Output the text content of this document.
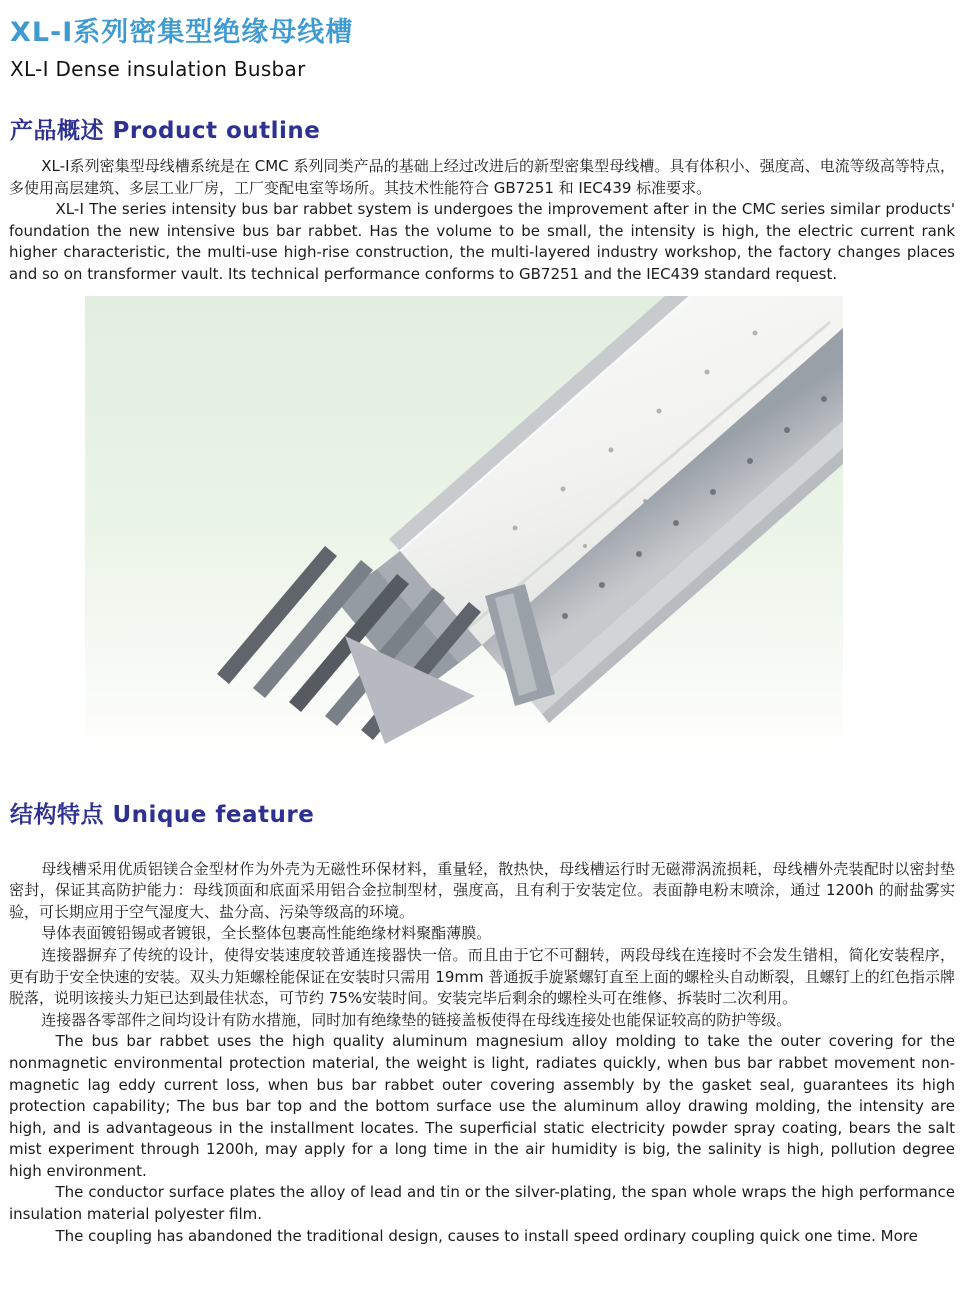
XL-Ⅰ系列密集型绝缘母线槽
XL-Ⅰ Dense insulation Busbar
产品概述 Product outline

XL-Ⅰ系列密集型母线槽系统是在 CMC 系列同类产品的基础上经过改进后的新型密集型母线槽。具有体积小、强度高、电流等级高等特点，多使用高层建筑、多层工业厂房，工厂变配电室等场所。其技术性能符合 GB7251 和 IEC439 标准要求。

XL-Ⅰ The series intensity bus bar rabbet system is undergoes the improvement after in the CMC series similar products' foundation the new intensive bus bar rabbet. Has the volume to be small, the intensity is high, the electric current rank higher characteristic, the multi-use high-rise construction, the multi-layered industry workshop, the factory changes places and so on transformer vault. Its technical performance conforms to GB7251 and the IEC439 standard request.

结构特点 Unique feature

母线槽采用优质铝镁合金型材作为外壳为无磁性环保材料，重量轻，散热快，母线槽运行时无磁滞涡流损耗，母线槽外壳装配时以密封垫密封，保证其高防护能力：母线顶面和底面采用铝合金拉制型材，强度高，且有利于安装定位。表面静电粉末喷涂，通过 1200h 的耐盐雾实验，可长期应用于空气湿度大、盐分高、污染等级高的环境。

导体表面镀铅锡或者镀银，全长整体包裹高性能绝缘材料聚酯薄膜。

连接器摒弃了传统的设计，使得安装速度较普通连接器快一倍。而且由于它不可翻转，两段母线在连接时不会发生错相，简化安装程序，更有助于安全快速的安装。双头力矩螺栓能保证在安装时只需用 19mm 普通扳手旋紧螺钉直至上面的螺栓头自动断裂，且螺钉上的红色指示牌脱落，说明该接头力矩已达到最佳状态，可节约 75%安装时间。安装完毕后剩余的螺栓头可在维修、拆装时二次利用。

连接器各零部件之间均设计有防水措施，同时加有绝缘垫的链接盖板使得在母线连接处也能保证较高的防护等级。

The bus bar rabbet uses the high quality aluminum magnesium alloy molding to take the outer covering for the nonmagnetic environmental protection material, the weight is light, radiates quickly, when bus bar rabbet movement non-magnetic lag eddy current loss, when bus bar rabbet outer covering assembly by the gasket seal, guarantees its high protection capability; The bus bar top and the bottom surface use the aluminum alloy drawing molding, the intensity are high, and is advantageous in the installment locates. The superficial static electricity powder spray coating, bears the salt mist experiment through 1200h, may apply for a long time in the air humidity is big, the salinity is high, pollution degree high environment.

The conductor surface plates the alloy of lead and tin or the silver-plating, the span whole wraps the high performance insulation material polyester film.

The coupling has abandoned the traditional design, causes to install speed ordinary coupling quick one time. More
